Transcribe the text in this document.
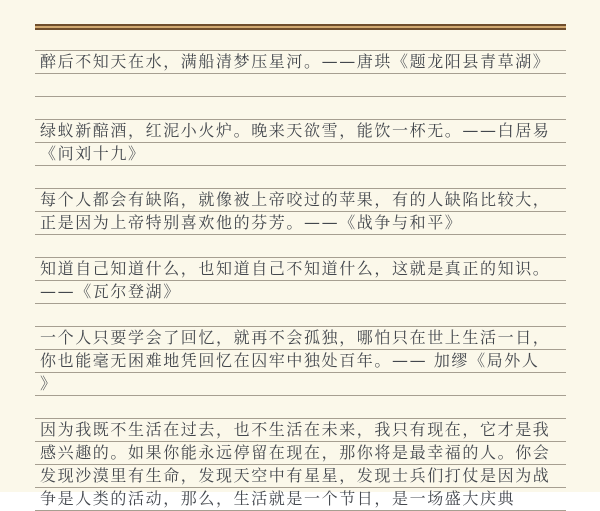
醉后不知天在水，满船清梦压星河。——唐珙《题龙阳县青草湖》
绿蚁新醅酒，红泥小火炉。晚来天欲雪，能饮一杯无。——白居易
《问刘十九》
每个人都会有缺陷，就像被上帝咬过的苹果，有的人缺陷比较大，
正是因为上帝特别喜欢他的芬芳。——《战争与和平》
知道自己知道什么，也知道自己不知道什么，这就是真正的知识。
——《瓦尔登湖》
一个人只要学会了回忆，就再不会孤独，哪怕只在世上生活一日，
你也能毫无困难地凭回忆在囚牢中独处百年。—— 加缪《局外人
》
因为我既不生活在过去，也不生活在未来，我只有现在，它才是我
感兴趣的。如果你能永远停留在现在，那你将是最幸福的人。你会
发现沙漠里有生命，发现天空中有星星，发现士兵们打仗是因为战
争是人类的活动，那么，生活就是一个节日，是一场盛大庆典
